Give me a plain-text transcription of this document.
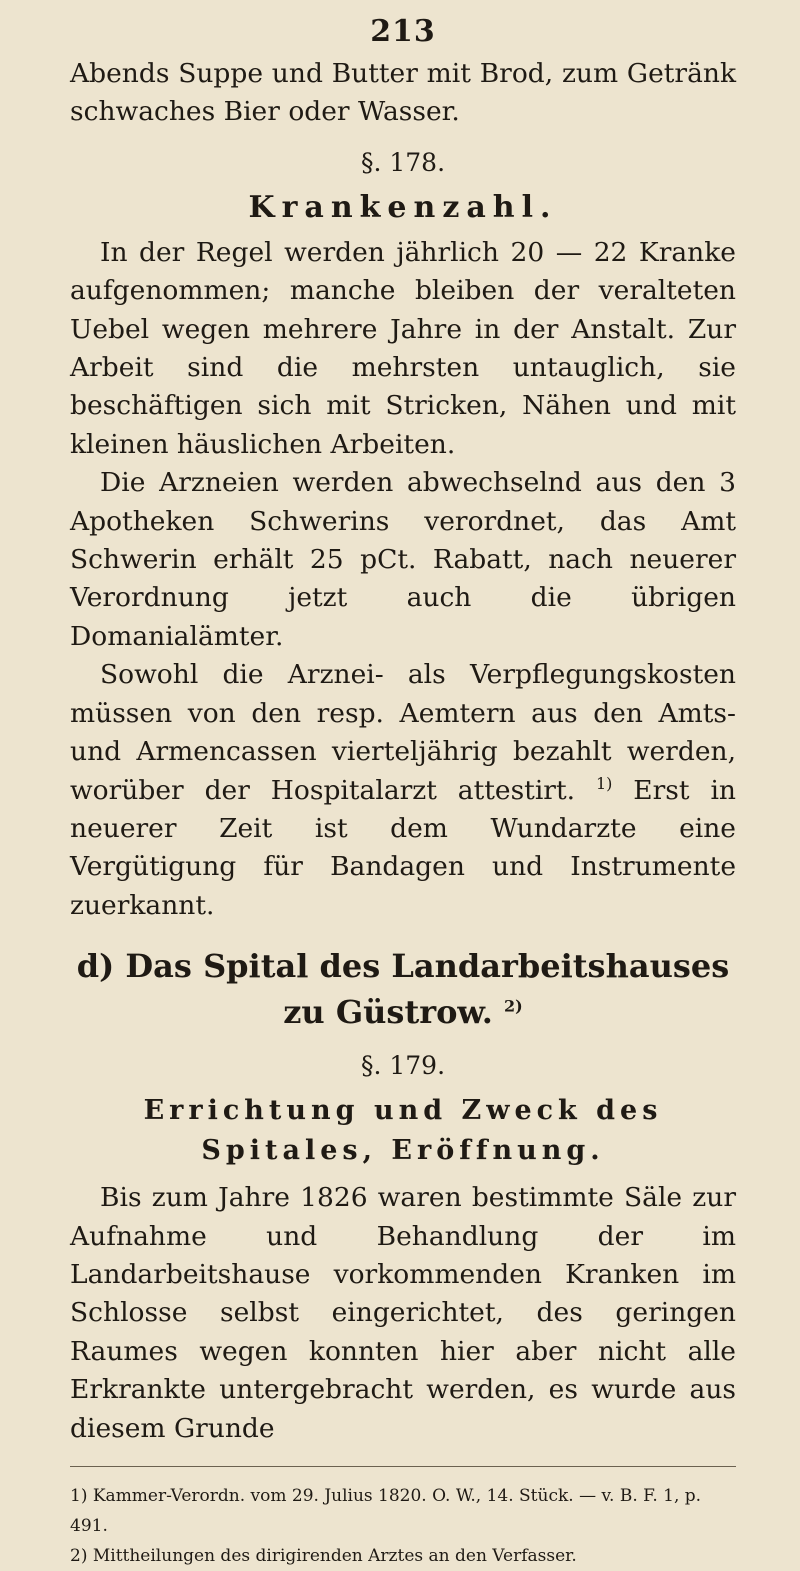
213

Abends Suppe und Butter mit Brod, zum Getränk schwaches Bier oder Wasser.

§. 178.
Krankenzahl.

In der Regel werden jährlich 20 — 22 Kranke aufgenommen; manche bleiben der veralteten Uebel wegen mehrere Jahre in der Anstalt. Zur Arbeit sind die mehrsten untauglich, sie beschäftigen sich mit Stricken, Nähen und mit kleinen häuslichen Arbeiten.

Die Arzneien werden abwechselnd aus den 3 Apotheken Schwerins verordnet, das Amt Schwerin erhält 25 pCt. Rabatt, nach neuerer Verordnung jetzt auch die übrigen Domanialämter.

Sowohl die Arznei- als Verpflegungskosten müssen von den resp. Aemtern aus den Amts- und Armencassen vierteljährig bezahlt werden, worüber der Hospitalarzt attestirt. $^{1)}$ Erst in neuerer Zeit ist dem Wundarzte eine Vergütigung für Bandagen und Instrumente zuerkannt.

d) Das Spital des Landarbeitshauses zu Güstrow. $^{2)}$
§. 179.
Errichtung und Zweck des Spitales, Eröffnung.

Bis zum Jahre 1826 waren bestimmte Säle zur Aufnahme und Behandlung der im Landarbeitshause vorkommenden Kranken im Schlosse selbst eingerichtet, des geringen Raumes wegen konnten hier aber nicht alle Erkrankte untergebracht werden, es wurde aus diesem Grunde

1) Kammer-Verordn. vom 29. Julius 1820. O. W., 14. Stück. — v. B. F. 1, p. 491.

2) Mittheilungen des dirigirenden Arztes an den Verfasser.
